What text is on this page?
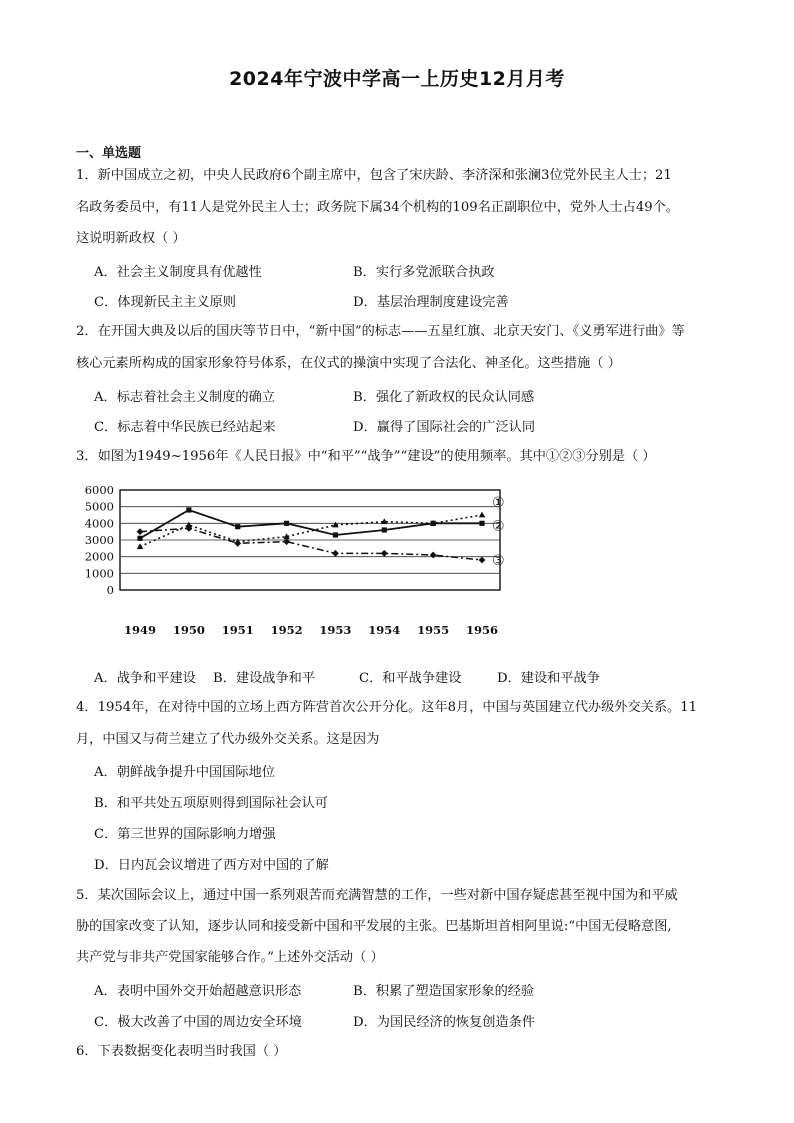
2024年宁波中学高一上历史12月月考
一、单选题
1．新中国成立之初，中央人民政府6个副主席中，包含了宋庆龄、李济深和张澜3位党外民主人士；21
名政务委员中，有11人是党外民主人士；政务院下属34个机构的109名正副职位中，党外人士占49个。
这说明新政权（ ）
A．社会主义制度具有优越性	B．实行多党派联合执政
C．体现新民主主义原则	D．基层治理制度建设完善
2．在开国大典及以后的国庆等节日中，“新中国”的标志——五星红旗、北京天安门、《义勇军进行曲》等
核心元素所构成的国家形象符号体系，在仪式的操演中实现了合法化、神圣化。这些措施（ ）
A．标志着社会主义制度的确立	B．强化了新政权的民众认同感
C．标志着中华民族已经站起来	D．赢得了国际社会的广泛认同
3．如图为1949~1956年《人民日报》中“和平”“战争”“建设”的使用频率。其中①②③分别是（ ）
6000
5000
4000
3000
2000
1000
0
1949 1950 1951 1952 1953 1954 1955 1956
①
②
③
A．战争和平建设 B．建设战争和平	C．和平战争建设	D．建设和平战争
4．1954年，在对待中国的立场上西方阵营首次公开分化。这年8月，中国与英国建立代办级外交关系。11
月，中国又与荷兰建立了代办级外交关系。这是因为
A．朝鲜战争提升中国国际地位
B．和平共处五项原则得到国际社会认可
C．第三世界的国际影响力增强
D．日内瓦会议增进了西方对中国的了解
5．某次国际会议上，通过中国一系列艰苦而充满智慧的工作，一些对新中国存疑虑甚至视中国为和平威
胁的国家改变了认知，逐步认同和接受新中国和平发展的主张。巴基斯坦首相阿里说:“中国无侵略意图,
共产党与非共产党国家能够合作。”上述外交活动（ ）
A．表明中国外交开始超越意识形态	B．积累了塑造国家形象的经验
C．极大改善了中国的周边安全环境	D．为国民经济的恢复创造条件
6．下表数据变化表明当时我国（ ）
